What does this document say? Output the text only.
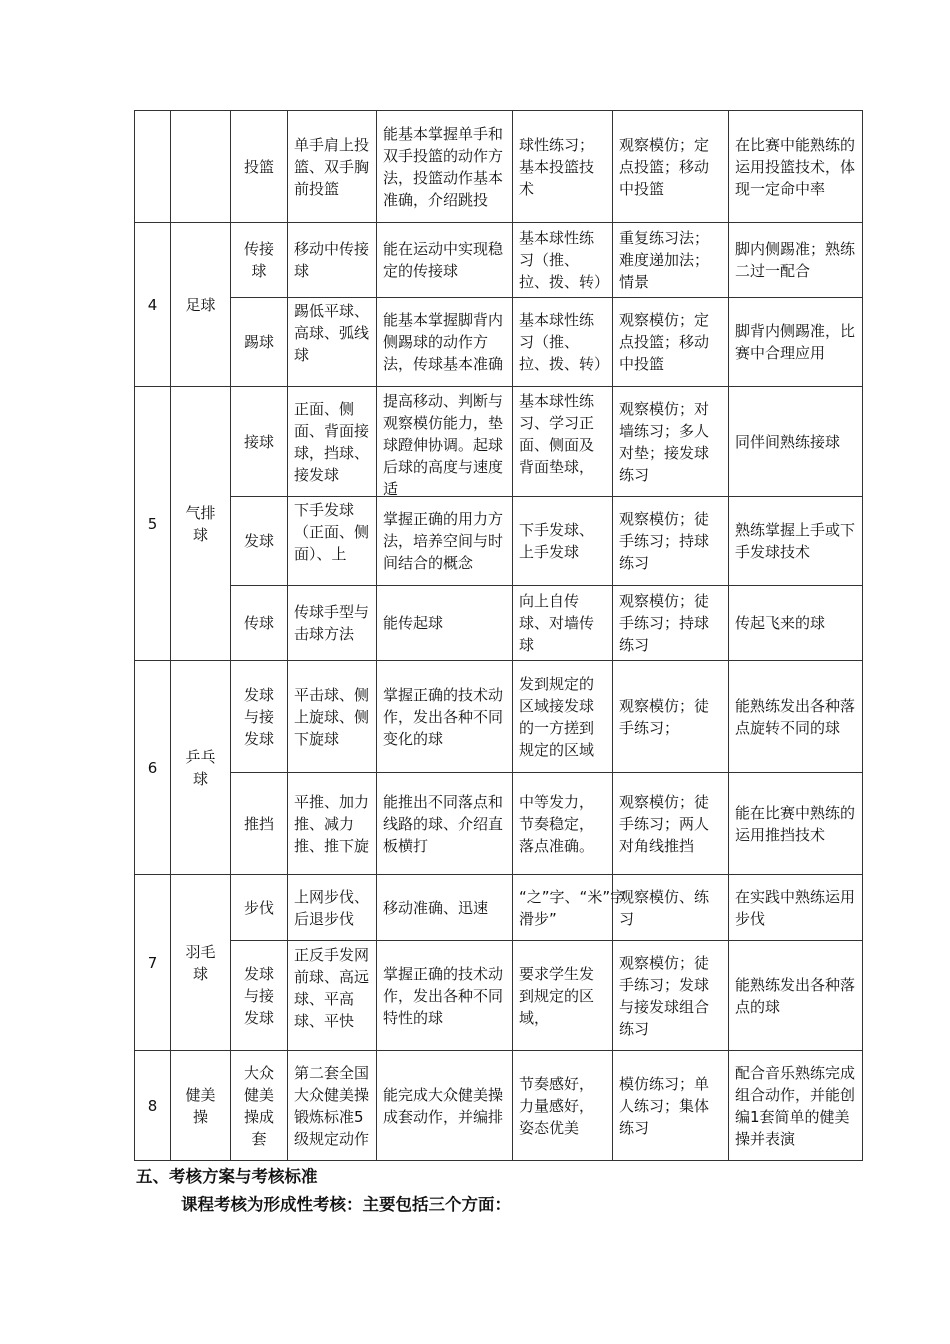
		投篮	单手肩上投篮、双手胸前投篮	能基本掌握单手和双手投篮的动作方法，投篮动作基本准确，介绍跳投	球性练习；基本投篮技术	观察模仿；定点投篮；移动中投篮	在比赛中能熟练的运用投篮技术，体现一定命中率
4	足球	传接球	移动中传接球	能在运动中实现稳定的传接球	基本球性练习（推、拉、拨、转）	重复练习法；难度递加法；情景	脚内侧踢准；熟练二过一配合
		踢球	踢低平球、高球、弧线球	能基本掌握脚背内侧踢球的动作方法，传球基本准确	基本球性练习（推、拉、拨、转）	观察模仿；定点投篮；移动中投篮	脚背内侧踢准，比赛中合理应用
5	气排球	接球	正面、侧面、背面接球，挡球、接发球	提高移动、判断与观察模仿能力，垫球蹬伸协调。起球后球的高度与速度适	基本球性练习、学习正面、侧面及背面垫球，	观察模仿；对墙练习；多人对垫；接发球练习	同伴间熟练接球
		发球	下手发球（正面、侧面）、上	掌握正确的用力方法，培养空间与时间结合的概念	下手发球、上手发球	观察模仿；徒手练习；持球练习	熟练掌握上手或下手发球技术
		传球	传球手型与击球方法	能传起球	向上自传球、对墙传球	观察模仿；徒手练习；持球练习	传起飞来的球
6	乒乓球	发球与接发球	平击球、侧上旋球、侧下旋球	掌握正确的技术动作，发出各种不同变化的球	发到规定的区域接发球的一方搓到规定的区域	观察模仿；徒手练习；	能熟练发出各种落点旋转不同的球
		推挡	平推、加力推、减力推、推下旋	能推出不同落点和线路的球、介绍直板横打	中等发力，节奏稳定，落点准确。	观察模仿；徒手练习；两人对角线推挡	能在比赛中熟练的运用推挡技术
7	羽毛球	步伐	上网步伐、后退步伐	移动准确、迅速	“之”字、“米”字滑步”	观察模仿、练习	在实践中熟练运用步伐

		发球与接发球	正反手发网前球、高远球、平高球、平快	掌握正确的技术动作，发出各种不同特性的球	要求学生发到规定的区域，	观察模仿；徒手练习；发球与接发球组合练习	能熟练发出各种落点的球
8	健美操	大众健美操成套	第二套全国大众健美操锻炼标准5级规定动作	能完成大众健美操成套动作，并编排	节奏感好，力量感好，姿态优美	模仿练习；单人练习；集体练习	配合音乐熟练完成组合动作，并能创编1套简单的健美操并表演
五、考核方案与考核标准
课程考核为形成性考核：主要包括三个方面：
